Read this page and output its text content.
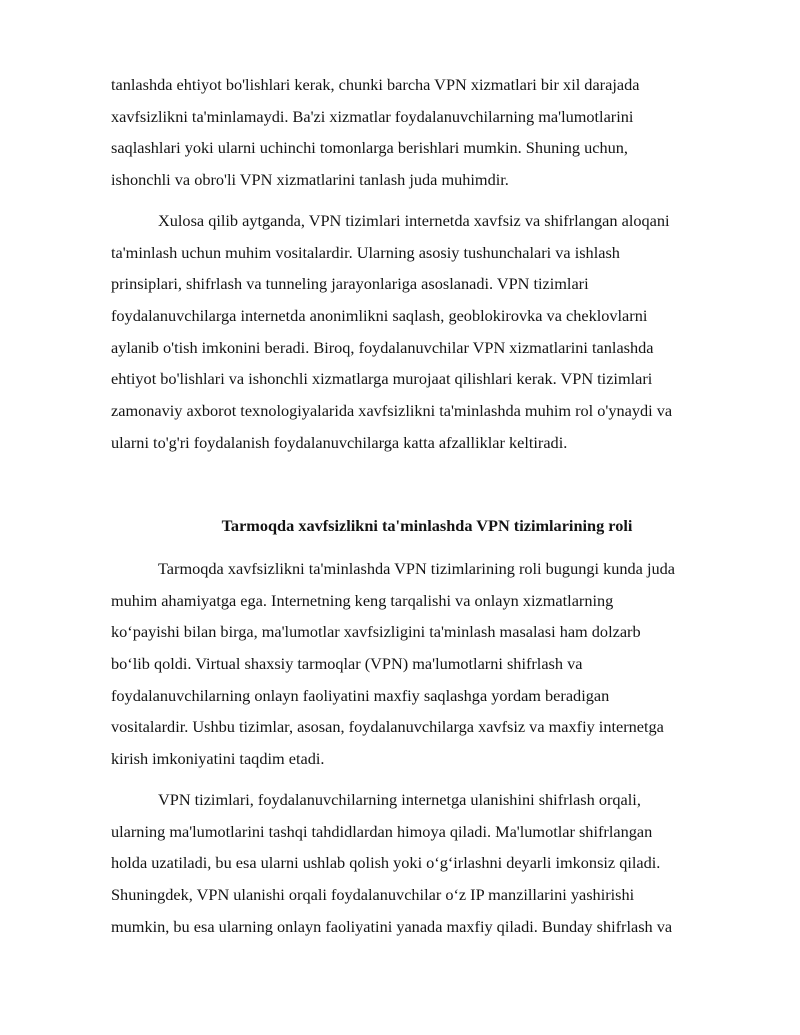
tanlashda ehtiyot bo'lishlari kerak, chunki barcha VPN xizmatlari bir xil darajada
xavfsizlikni ta'minlamaydi. Ba'zi xizmatlar foydalanuvchilarning ma'lumotlarini
saqlashlari yoki ularni uchinchi tomonlarga berishlari mumkin. Shuning uchun,
ishonchli va obro'li VPN xizmatlarini tanlash juda muhimdir.
Xulosa qilib aytganda, VPN tizimlari internetda xavfsiz va shifrlangan aloqani
ta'minlash uchun muhim vositalardir. Ularning asosiy tushunchalari va ishlash
prinsiplari, shifrlash va tunneling jarayonlariga asoslanadi. VPN tizimlari
foydalanuvchilarga internetda anonimlikni saqlash, geoblokirovka va cheklovlarni
aylanib o'tish imkonini beradi. Biroq, foydalanuvchilar VPN xizmatlarini tanlashda
ehtiyot bo'lishlari va ishonchli xizmatlarga murojaat qilishlari kerak. VPN tizimlari
zamonaviy axborot texnologiyalarida xavfsizlikni ta'minlashda muhim rol o'ynaydi va
ularni to'g'ri foydalanish foydalanuvchilarga katta afzalliklar keltiradi.
Tarmoqda xavfsizlikni ta'minlashda VPN tizimlarining roli
Tarmoqda xavfsizlikni ta'minlashda VPN tizimlarining roli bugungi kunda juda
muhim ahamiyatga ega. Internetning keng tarqalishi va onlayn xizmatlarning
ko‘payishi bilan birga, ma'lumotlar xavfsizligini ta'minlash masalasi ham dolzarb
bo‘lib qoldi. Virtual shaxsiy tarmoqlar (VPN) ma'lumotlarni shifrlash va
foydalanuvchilarning onlayn faoliyatini maxfiy saqlashga yordam beradigan
vositalardir. Ushbu tizimlar, asosan, foydalanuvchilarga xavfsiz va maxfiy internetga
kirish imkoniyatini taqdim etadi.
VPN tizimlari, foydalanuvchilarning internetga ulanishini shifrlash orqali,
ularning ma'lumotlarini tashqi tahdidlardan himoya qiladi. Ma'lumotlar shifrlangan
holda uzatiladi, bu esa ularni ushlab qolish yoki o‘g‘irlashni deyarli imkonsiz qiladi.
Shuningdek, VPN ulanishi orqali foydalanuvchilar o‘z IP manzillarini yashirishi
mumkin, bu esa ularning onlayn faoliyatini yanada maxfiy qiladi. Bunday shifrlash va
